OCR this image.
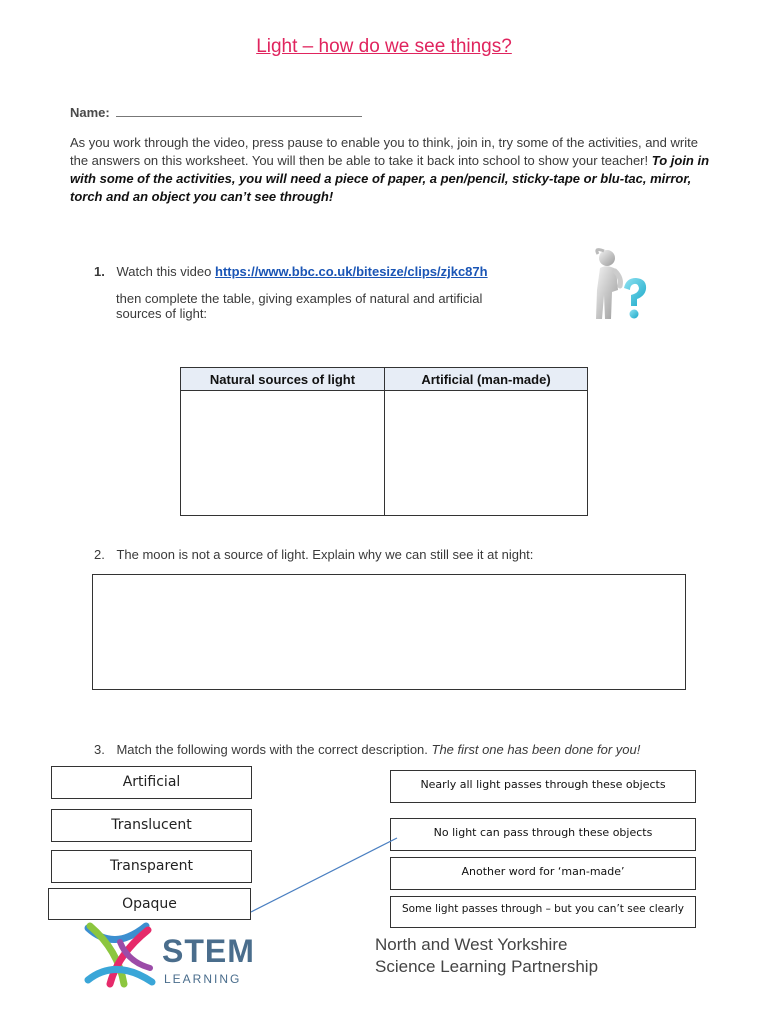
Light – how do we see things?
Name:
As you work through the video, press pause to enable you to think, join in, try some of the activities, and write the answers on this worksheet. You will then be able to take it back into school to show your teacher! To join in with some of the activities, you will need a piece of paper, a pen/pencil, sticky-tape or blu-tac, mirror, torch and an object you can’t see through!
1. Watch this video https://www.bbc.co.uk/bitesize/clips/zjkc87h
then complete the table, giving examples of natural and artificial sources of light:
Natural sources of light	Artificial (man-made)

2. The moon is not a source of light. Explain why we can still see it at night:
3. Match the following words with the correct description. The first one has been done for you!
Artificial
Translucent
Transparent
Opaque
Nearly all light passes through these objects
No light can pass through these objects
Another word for ‘man-made’
Some light passes through – but you can’t see clearly
STEM
LEARNING
North and West Yorkshire
Science Learning Partnership
